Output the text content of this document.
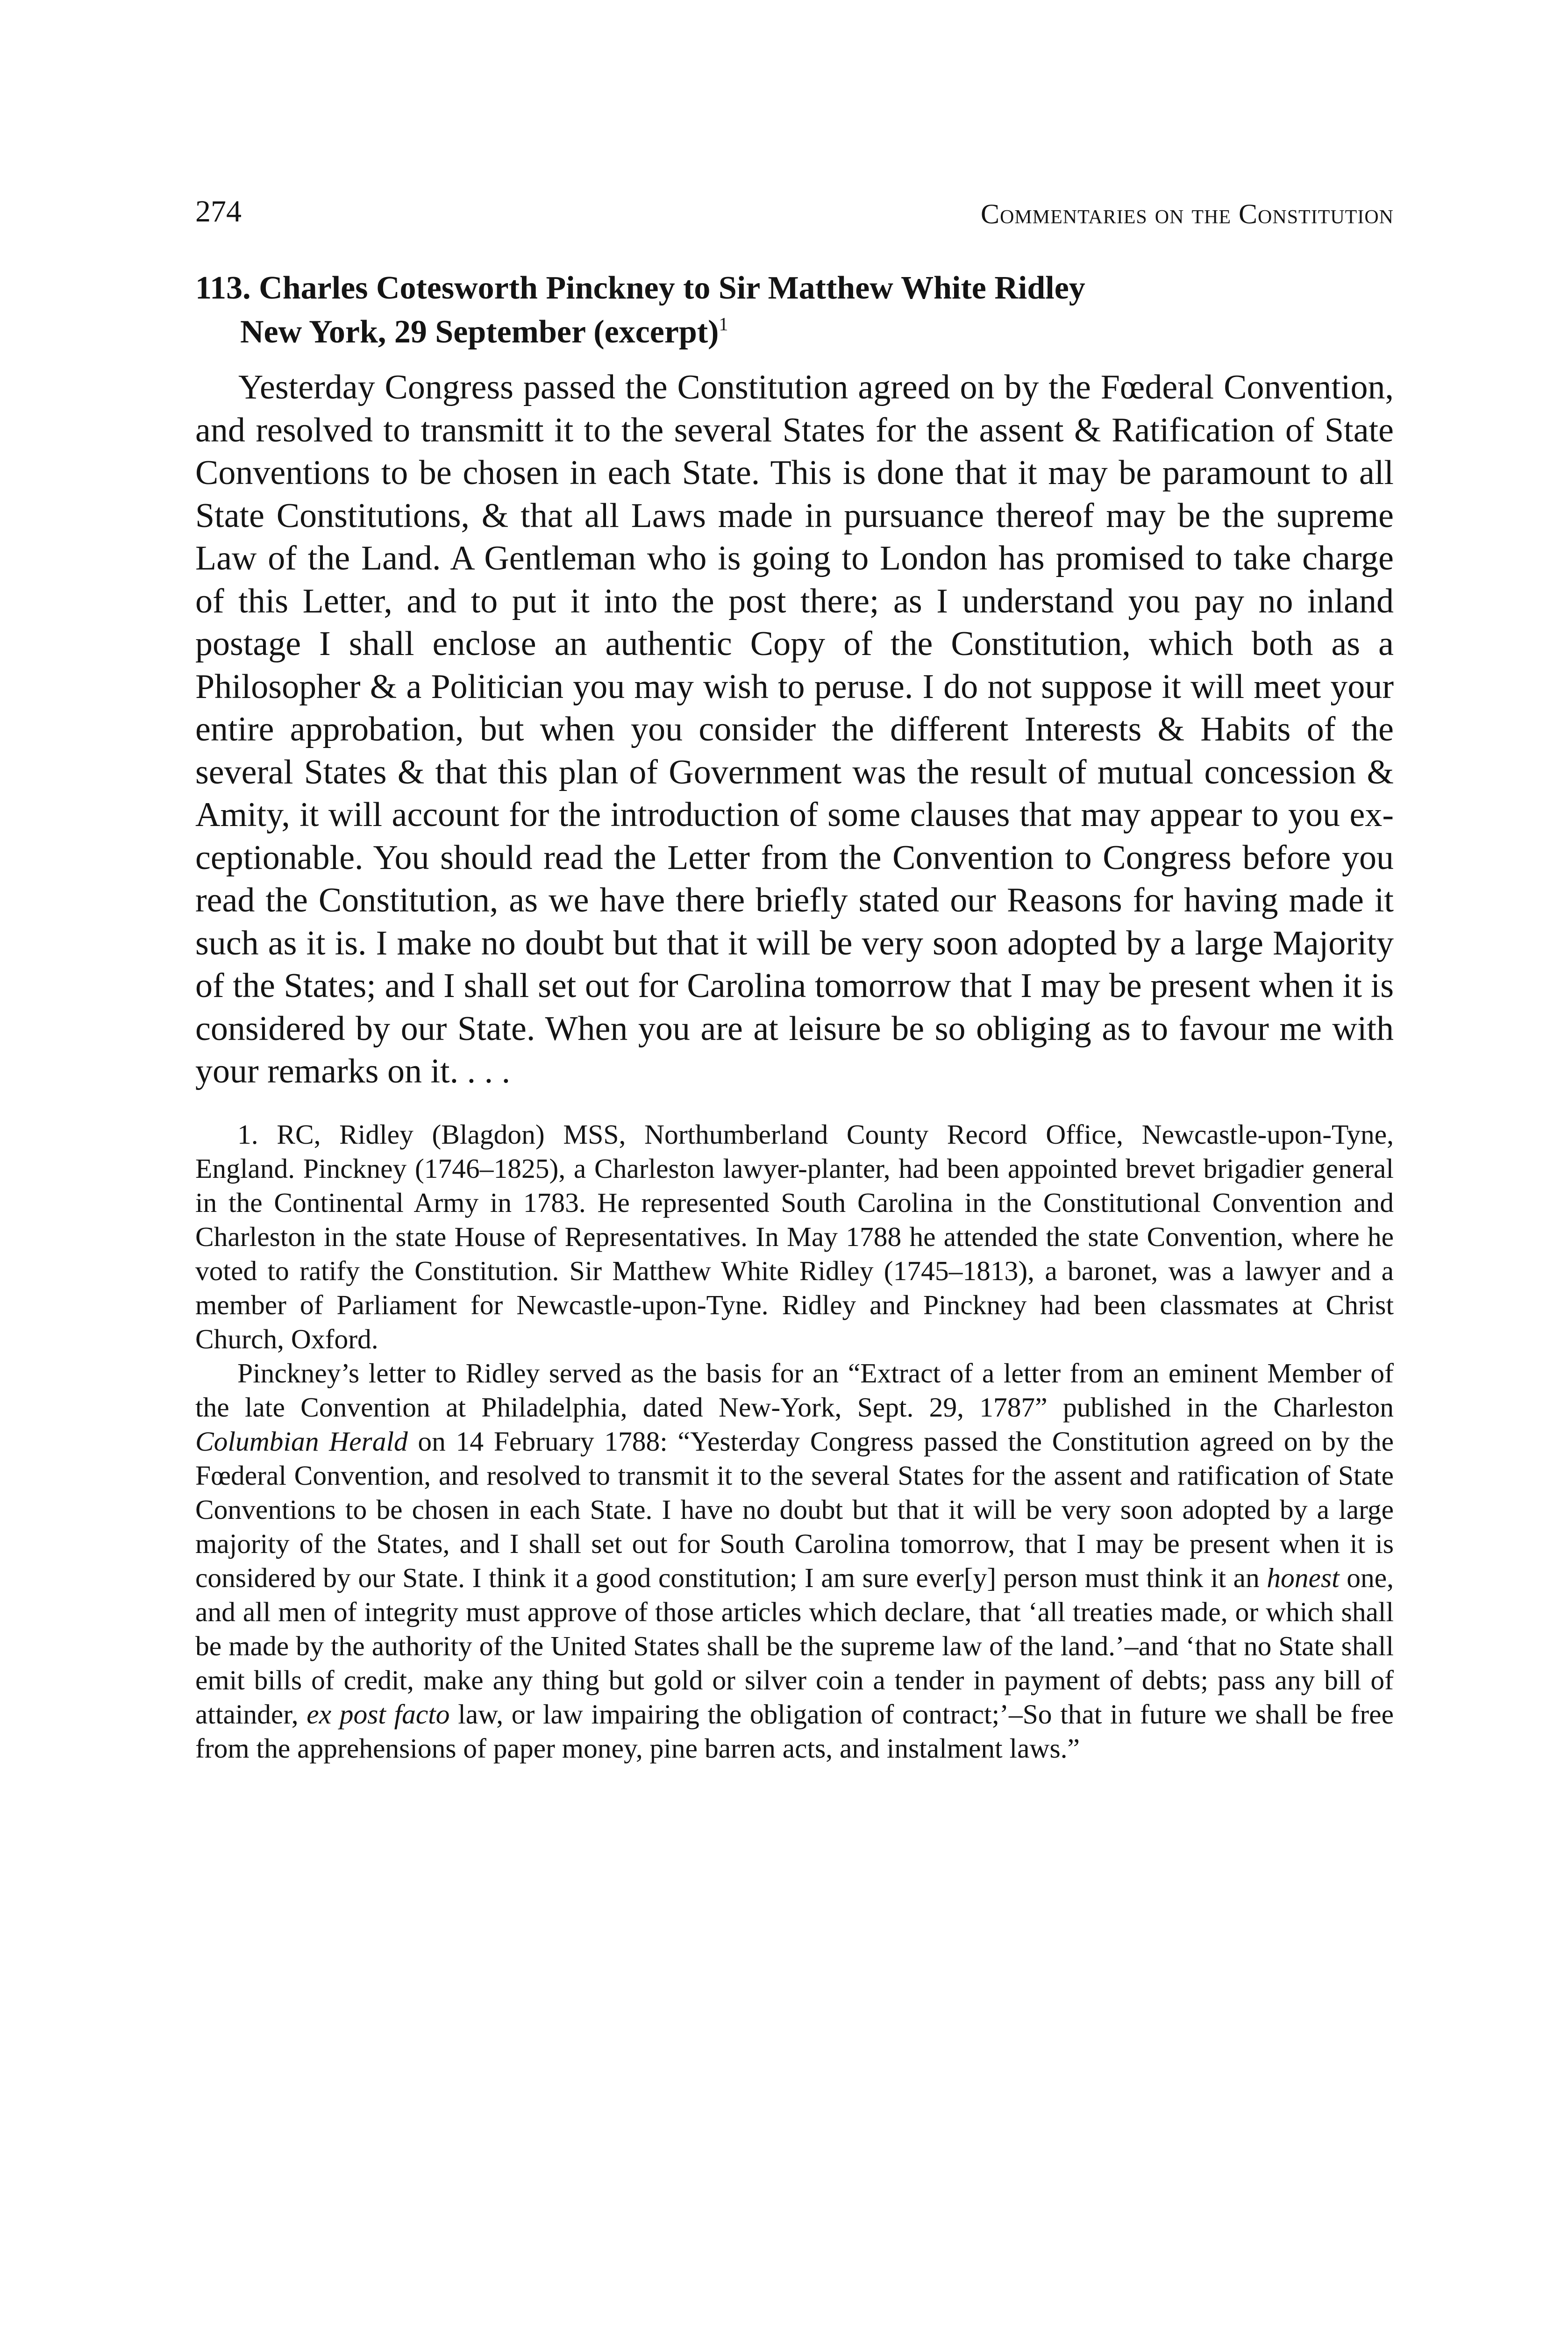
274	Commentaries on the Constitution
113. Charles Cotesworth Pinckney to Sir Matthew White Ridley
New York, 29 September (excerpt)$^1$

Yesterday Congress passed the Constitution agreed on by the Fœderal Convention, and resolved to transmitt it to the several States for the assent & Ratification of State Conventions to be chosen in each State. This is done that it may be paramount to all State Constitutions, & that all Laws made in pursuance thereof may be the supreme Law of the Land. A Gentleman who is going to London has promised to take charge of this Letter, and to put it into the post there; as I understand you pay no inland postage I shall enclose an authentic Copy of the Constitution, which both as a Philosopher & a Politician you may wish to peruse. I do not suppose it will meet your entire approbation, but when you consider the different Interests & Habits of the several States & that this plan of Government was the result of mutual concession & Amity, it will account for the introduction of some clauses that may appear to you exceptionable. You should read the Letter from the Convention to Congress before you read the Constitution, as we have there briefly stated our Reasons for having made it such as it is. I make no doubt but that it will be very soon adopted by a large Majority of the States; and I shall set out for Carolina tomorrow that I may be present when it is considered by our State. When you are at leisure be so obliging as to favour me with your remarks on it. . . .

1. RC, Ridley (Blagdon) MSS, Northumberland County Record Office, Newcastle-upon-Tyne, England. Pinckney (1746–1825), a Charleston lawyer-planter, had been appointed brevet brigadier general in the Continental Army in 1783. He represented South Carolina in the Constitutional Convention and Charleston in the state House of Representatives. In May 1788 he attended the state Convention, where he voted to ratify the Constitution. Sir Matthew White Ridley (1745–1813), a baronet, was a lawyer and a member of Parliament for Newcastle-upon-Tyne. Ridley and Pinckney had been classmates at Christ Church, Oxford.

Pinckney’s letter to Ridley served as the basis for an “Extract of a letter from an eminent Member of the late Convention at Philadelphia, dated New-York, Sept. 29, 1787” published in the Charleston Columbian Herald on 14 February 1788: “Yesterday Congress passed the Constitution agreed on by the Fœderal Convention, and resolved to transmit it to the several States for the assent and ratification of State Conventions to be chosen in each State. I have no doubt but that it will be very soon adopted by a large majority of the States, and I shall set out for South Carolina tomorrow, that I may be present when it is considered by our State. I think it a good constitution; I am sure ever[y] person must think it an honest one, and all men of integrity must approve of those articles which declare, that ‘all treaties made, or which shall be made by the authority of the United States shall be the supreme law of the land.’–and ‘that no State shall emit bills of credit, make any thing but gold or silver coin a tender in payment of debts; pass any bill of attainder, ex post facto law, or law impairing the obligation of contract;’–So that in future we shall be free from the apprehensions of paper money, pine barren acts, and instalment laws.”
